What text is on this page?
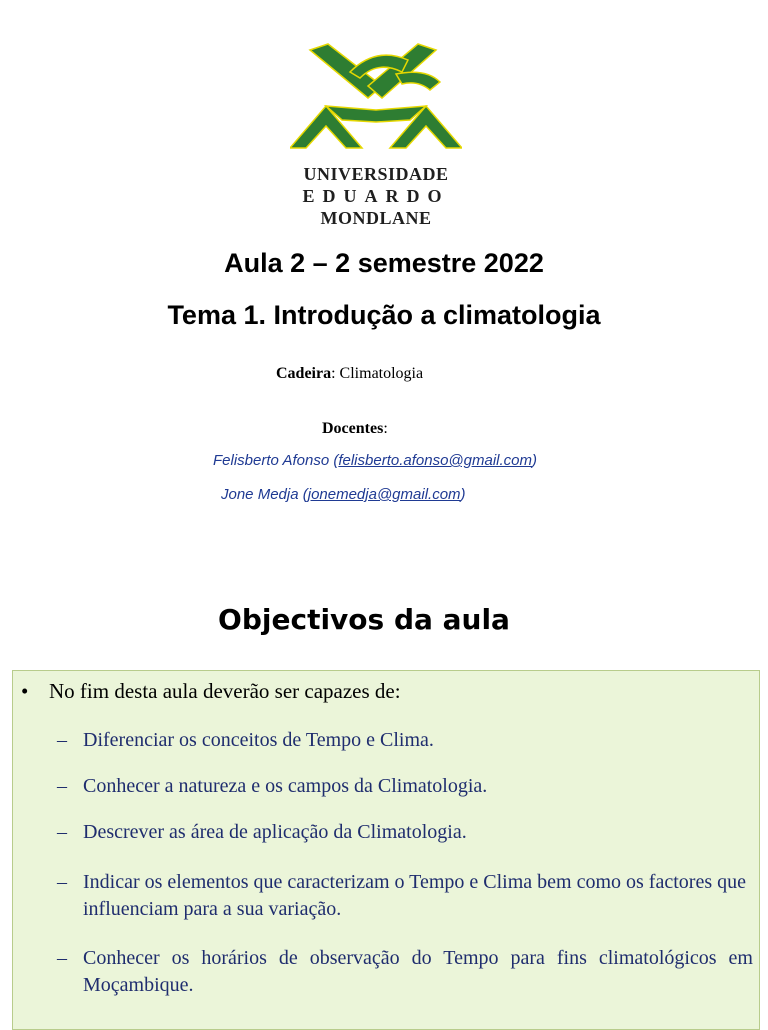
UNIVERSIDADE
EDUARDO
MONDLANE
Aula 2 – 2 semestre 2022
Tema 1. Introdução a climatologia
Cadeira: Climatologia
Docentes:
Felisberto Afonso (felisberto.afonso@gmail.com)
Jone Medja (jonemedja@gmail.com)
Objectivos da aula
• No fim desta aula deverão ser capazes de:
– Diferenciar os conceitos de Tempo e Clima.
– Conhecer a natureza e os campos da Climatologia.
– Descrever as área de aplicação da Climatologia.
– Indicar os elementos que caracterizam o Tempo e Clima bem como os factores que influenciam para a sua variação.
– Conhecer os horários de observação do Tempo para fins climatológicos em Moçambique.
